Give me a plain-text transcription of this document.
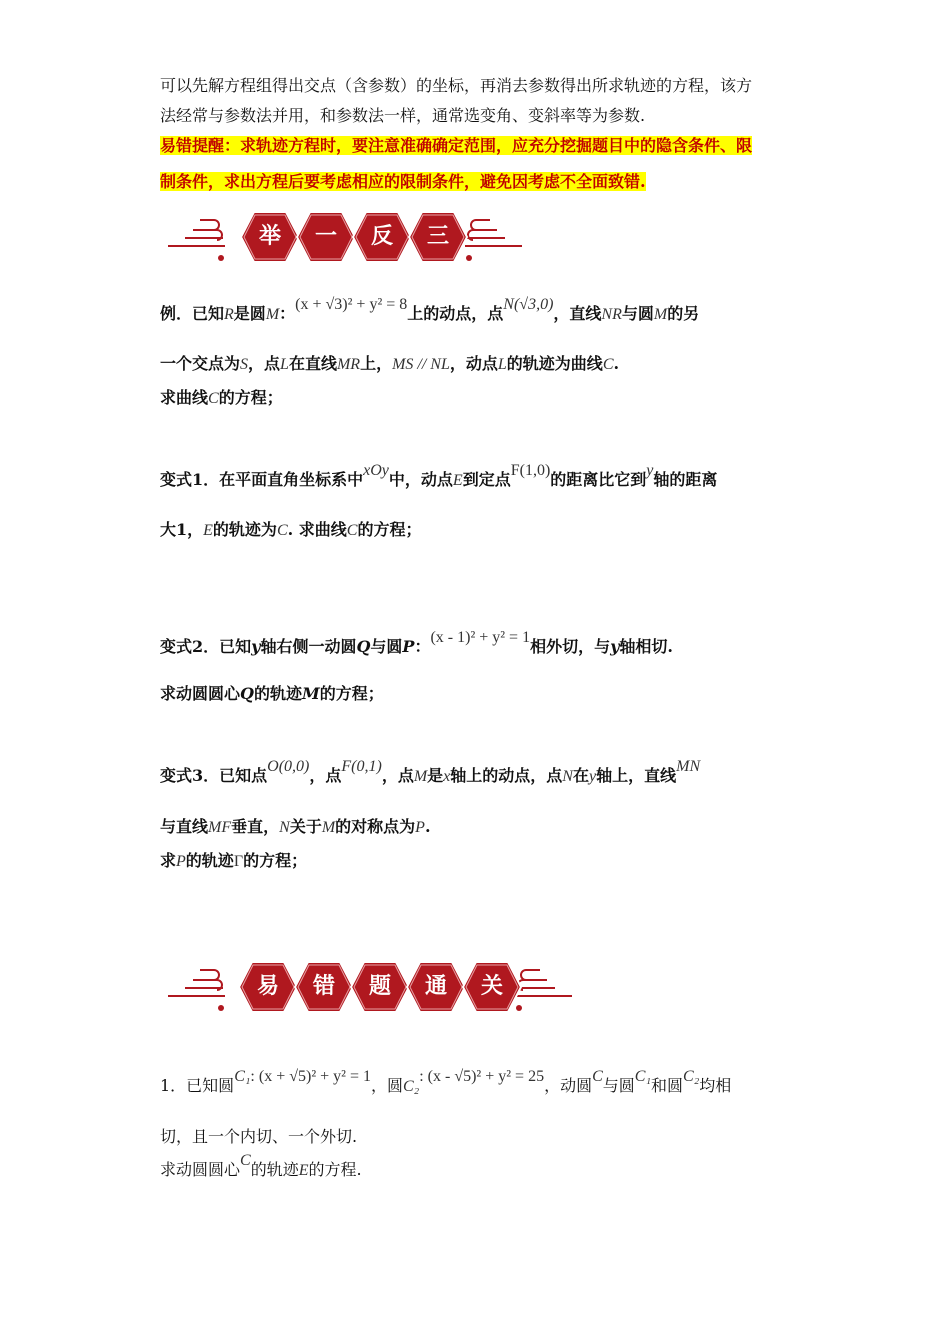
可以先解方程组得出交点（含参数）的坐标，再消去参数得出所求轨迹的方程，该方
法经常与参数法并用，和参数法一样，通常选变角、变斜率等为参数.
易错提醒：求轨迹方程时，要注意准确确定范围，应充分挖掘题目中的隐含条件、限
制条件，求出方程后要考虑相应的限制条件，避免因考虑不全面致错.
举	一	反	三
例．已知R是圆M：(x + √3)² + y² = 8上的动点，点N(√3,0)，直线NR与圆M的另
一个交点为S，点L在直线MR上，MS // NL，动点L的轨迹为曲线C.
求曲线C的方程；
变式1．在平面直角坐标系中xOy中，动点E到定点F(1,0)的距离比它到y轴的距离
大1，E的轨迹为C. 求曲线C的方程；
变式2．已知y轴右侧一动圆Q与圆P：(x - 1)² + y² = 1相外切，与y轴相切.
求动圆圆心Q的轨迹M的方程；
变式3．已知点O(0,0)，点F(0,1)，点M是x轴上的动点，点N在y轴上，直线MN
与直线MF垂直，N关于M的对称点为P.
求P的轨迹Γ的方程；
易	错	题	通	关
1．已知圆C₁: (x + √5)² + y² = 1，圆C₂: (x - √5)² + y² = 25，动圆C与圆C₁和圆C₂均相
切，且一个内切、一个外切.
求动圆圆心C的轨迹E的方程.
